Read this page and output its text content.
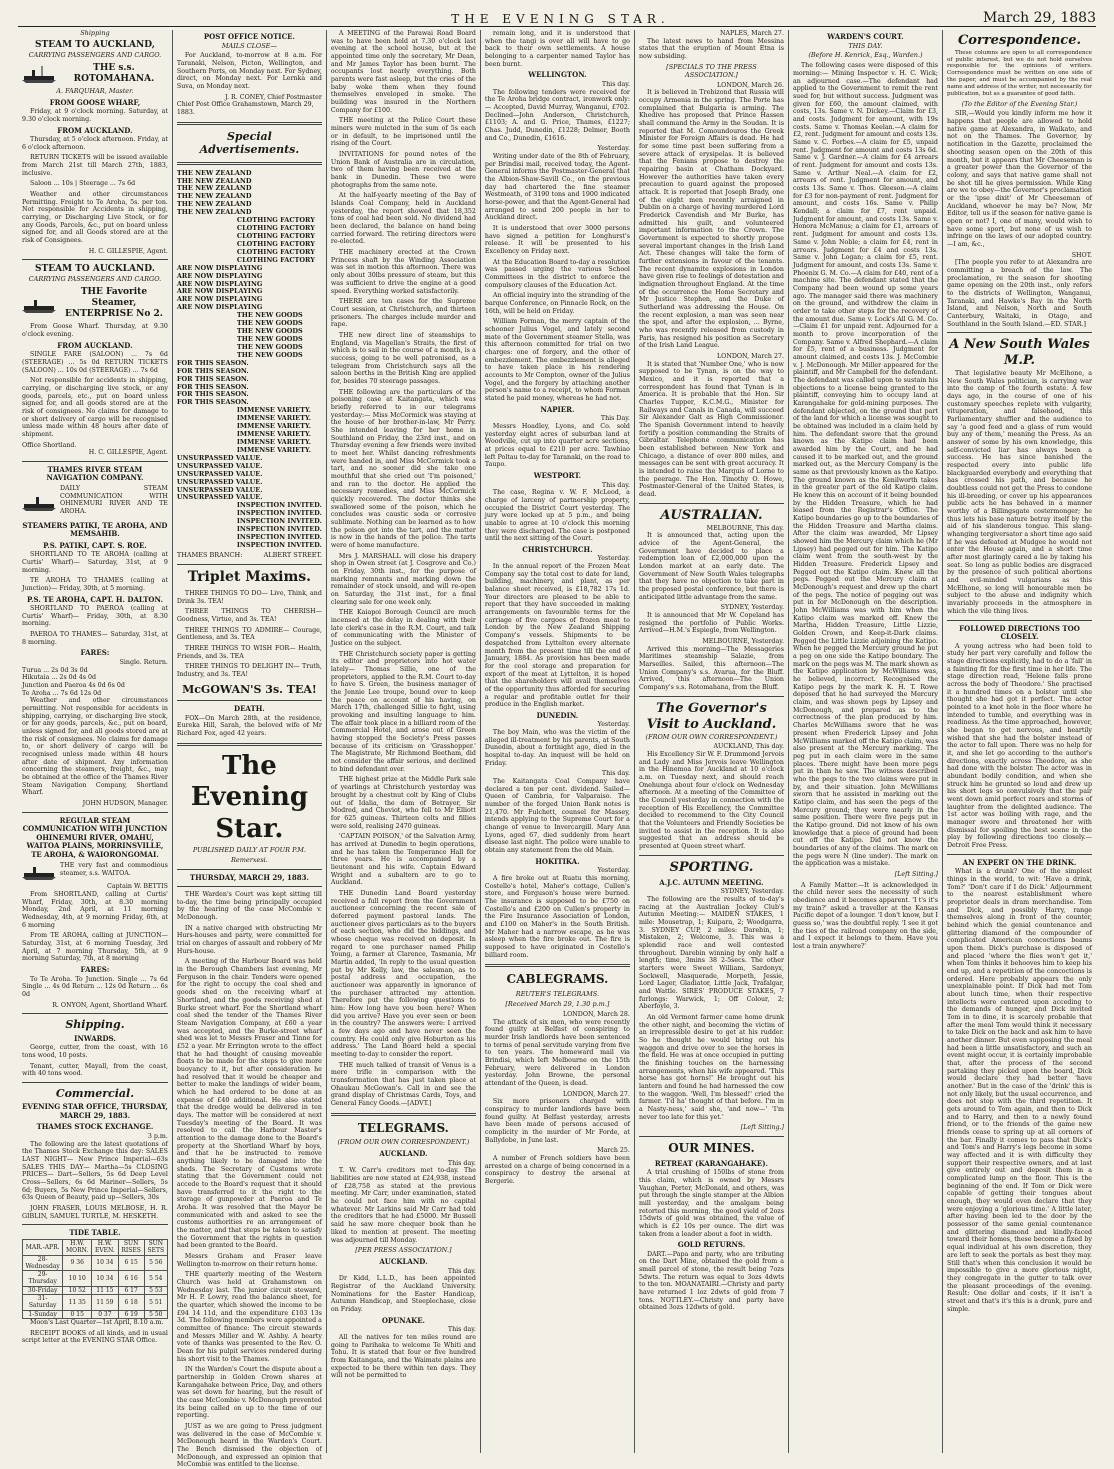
THE EVENING STAR.	March 29, 1883
Shipping
STEAM TO AUCKLAND,
CARRYING PASSENGERS AND CARGO.
THE s.s. ROTOMAHANA.
A. FARQUHAR, Master.
FROM GOOSE WHARF,

Friday, at 9 o'clock morning. Saturday, at 9.30 o'clock morning.

FROM AUCKLAND.

Thursday, at 5 o'clock afternoon. Friday, at 6 o'clock afternoon.

RETURN TICKETS will be issued available from March 21st till March 27th, 1883, inclusive.

Saloon ... 10s | Steerage ... 7s 6d

Weather and other circumstances Permitting. Freight to Te Aroha, 5s. per ton. Not responsible for Accidents in shipping, carrying, or Discharging Live Stock, or for any Goods, Parcels, &c., put on board unless signed for, and all Goods stored are at the risk of Consignees.

H. C. GILLESPIE, Agent.
STEAM TO AUCKLAND.
CARRYING PASSENGERS AND CARGO.
THE Favorite Steamer, ENTERPRISE No 2.

From Goose Wharf. Thursday, at 9.30 o'clock evening.

FROM AUCKLAND.

SINGLE FARE (SALOON) ... 7s 6d (STEERAGE) ... 5s 0d RETURN TICKETS (SALOON) ... 10s 0d (STEERAGE) ... 7s 6d

Not responsible for accidents in shipping, carrying, or discharging live stock, or any goods, parcels, etc., put on board unless signed for, and all goods stored are at the risk of consignees. No claims for damage to or short delivery of cargo will be recognised unless made within 48 hours after date of shipment.

Office Shortland.
H. C. GILLESPIE, Agent.
THAMES RIVER STEAM NAVIGATION COMPANY.

DAILY STEAM COMMUNICATION WITH OHINEMURI RIVER AND TE AROHA.

STEAMERS PATIKI, TE AROHA, AND MEMSAHIB.
P.S. PATIKI, CAPT. S. ROE.

SHORTLAND TO TE AROHA (calling at Curtis' Wharf)— Saturday, 31st, at 9 morning.

TE AROHA TO THAMES (calling at Junction)— Friday, 30th, at 5 morning.

P.S. TE AROHA, CAPT. H. DALTON.

SHORTLAND TO PAEROA (calling at Curtis' Wharf)— Friday, 30th, at 8.30 morning.

PAEROA TO THAMES— Saturday, 31st, at 8 morning.

FARES:
Single. Return.
Turua ... 2s 0d 3s 0d
Hikutaia ... 2s 0d 4s 0d
Junction and Paeroa 4s 0d 6s 0d
Te Aroha ... 7s 6d 12s 0d

Weather and other circumstances permitting. Not responsible for accidents in shipping, carrying, or discharging live stock, or for any goods, parcels, &c., put on board, unless signed for, and all goods stored are at the risk of consignees. No claims for damage to, or short delivery of cargo will be recognised unless made within 48 hours after date of shipment. Any information concerning the steamers, freight, &c., may be obtained at the office of the Thames River Steam Navigation Company, Shortland Wharf.

JOHN HUDSON, Manager.
REGULAR STEAM COMMUNICATION WITH JUNCTION OHINEMURI RIVER, OMAHU, WAITOA PLAINS, MORRINSVILLE, TE AROHA, & WAIORONGOMAI.

THE very fast and commodious steamer, s.s. WAITOA.

Captain W. BETTIS

From SHORTLAND, calling at Curtis' Wharf, Friday, 30th, at 8.30 morning Monday, 2nd April, at 11 morning Wednesday, 4th, at 9 morning Friday, 6th, at 6 morning

From TE AROHA, calling at JUNCTION— Saturday, 31st, at 6 morning Tuesday, 3rd April, at 7 morning Thursday, 5th, at 9 morning Saturday, 7th, at 8 morning

FARES:

To Te Aroha. To Junction. Single ... 7s 6d Single ... 4s 0d Return ... 12s 0d Return ... 6s 0d

R. ONYON, Agent, Shortland Wharf.
Shipping.
INWARDS.

George, cutter, from the coast, with 16 tons wood, 10 posts.

Tenant, cutter, Mayall, from the coast, with 40 tons wood.

Commercial.
EVENING STAR OFFICE, THURSDAY, MARCH 29, 1883.
THAMES STOCK EXCHANGE.
3 p.m.

The following are the latest quotations of the Thames Stock Exchange this day: SALES LAST NIGHT— New Prince Imperial—63s SALES THIS DAY— Martha—5s CLOSING PRICES— Dart—Sellers, 5s 6d Deep Level Cross—Sellers, 6s 6d Mariner—Sellers, 5s 6d; Buyers, 5s New Prince Imperial—Sellers, 63s Queen of Beauty, paid up—Sellers, 30s

JOHN FRASER, LOUIS MELBOSE, H. R. GIBLIN, SAMUEL TURTLE, M. HESKETH.

TIDE TABLE.
MAR.-APR.	H.W. MORN.	H.W. EVEN.	SUN RISES	SUN SETS
28-Wednesday	9 36	10 34	6 15	5 56
29-Thursday	10 10	10 34	6 16	5 54
30-Friday	10 52	11 15	6 17	5 53
31-Saturday	11 35	11 59	6 18	5 51
1-Sunday	0 15	0 37	6 19	5 50

Moon's Last Quarter—1st April, 8.10 a.m.

RECEIPT BOOKS of all kinds, and in usual script letter at the EVENING STAR Office.

POST OFFICE NOTICE.
MAILS CLOSE—

For Auckland, to-morrow at 8 a.m. For Taranaki, Nelson, Picton, Wellington, and Southern Ports, on Monday next. For Sydney, direct, on Monday next. For Lernka and Suva, on Monday next.

J. R. CONEY, Chief Postmaster
Chief Post Office Grahamstown, March 29, 1883.
Special Advertisements.
THE NEW ZEALAND
THE NEW ZEALAND
THE NEW ZEALAND
THE NEW ZEALAND
THE NEW ZEALAND
THE NEW ZEALAND
CLOTHING FACTORY
CLOTHING FACTORY
CLOTHING FACTORY
CLOTHING FACTORY
CLOTHING FACTORY
CLOTHING FACTORY
ARE NOW DISPLAYING
ARE NOW DISPLAYING
ARE NOW DISPLAYING
ARE NOW DISPLAYING
ARE NOW DISPLAYING
ARE NOW DISPLAYING
THE NEW GOODS
THE NEW GOODS
THE NEW GOODS
THE NEW GOODS
THE NEW GOODS
THE NEW GOODS
FOR THIS SEASON.
FOR THIS SEASON.
FOR THIS SEASON.
FOR THIS SEASON.
FOR THIS SEASON.
FOR THIS SEASON.
IMMENSE VARIETY.
IMMENSE VARIETY.
IMMENSE VARIETY.
IMMENSE VARIETY.
IMMENSE VARIETY.
IMMENSE VARIETY.
UNSURPASSED VALUE.
UNSURPASSED VALUE.
UNSURPASSED VALUE.
UNSURPASSED VALUE.
UNSURPASSED VALUE.
UNSURPASSED VALUE.
INSPECTION INVITED.
INSPECTION INVITED.
INSPECTION INVITED.
INSPECTION INVITED.
INSPECTION INVITED.
INSPECTION INVITED.
THAMES BRANCH:	ALBERT STREET.
Triplet Maxims.

THREE THINGS TO DO— Live, Think, and Drink 3s. TEA!

THREE THINGS TO CHERISH— Goodness, Virtue, and 3s. TEA!

THREE THINGS TO ADMIRE— Courage, Gentleness, and 3s. TEA

THREE THINGS TO WISH FOR— Health, Friends, and 3s. TEA

THREE THINGS TO DELIGHT IN— Truth, Industry, and 3s. TEA!

McGOWAN'S 3s. TEA!
DEATH.

FOX—On March 28th, at the residence, Eureka Hill, Sarah, the beloved wife of Mr Richard Fox, aged 42 years.

The Evening Star.
PUBLISHED DAILY AT FOUR P.M.
Remerxesi.
THURSDAY, MARCH 29, 1883.

THE Warden's Court was kept sitting till to-day, the time being principally occupied by the hearing of the case McCombie v. McDonough.

IN a native charged with obstructing Mr Hurs-houses and party, were committed for trial on charges of assault and robbery of Mr Hurs-house.

A meeting of the Harbour Board was held in the Borough Chambers last evening, Mr Ferguson in the chair. Tenders were opened for the right to occupy the coal shed and goods shed on the receiving wharf at Shortland, and the goods receiving shed at Burke street wharf. For the Shortland wharf coal shed the tender of the Thames River Steam Navigation Company, at £60 a year was accepted, and the Burke-street wharf shed was let to Messrs Fraser and Tinne for £52 a year. Mr Errington wrote to the effect that he had thought of causing moveable floats to be made for the steps to give more buoyancy to it, but after consideration he had resolved that it would be cheaper and better to make the landings of wider beam, which he had ordered to be done at an expense of £40 additional. He also stated that the dredge would be delivered in ten days. The matter will be considered at next Tuesday's meeting of the Board. It was resolved to call the Harbour Master's attention to the damage done to the Board's property at the Shortland Wharf by boys, and that he be instructed to remove anything likely to be damaged into the sheds. The Secretary of Customs wrote stating that the Government could not accede to the Board's request that it should have transferred to it the right to the storage of gunpowder at Paeroa and Te Aroha. It was resolved that the Mayor be communicated with and asked to see the customs authorities re an arrangement of the matter, and that steps be taken to satisfy the Government that the rights in question had been granted to the Board.

Messrs Graham and Fraser leave Wellington to-morrow on their return home.

THE quarterly meeting of the Western Church was held at Grahamstown on Wednesday last. The junior circuit steward, Mr H. P. Lowry, read the balance sheet, for the quarter, which showed the income to be £94 14 11d, and the expenditure £103 13s 3d. The following members were appointed a committee of finance: The circuit stewards and Messrs Miller and W. Ashby. A hearty vote of thanks was presented to the Rev. O. Dean for his pulpit services rendered during his short visit to the Thames.

IN the Warden's Court the dispute about a partnership in Golden Crown shares at Karangahake between Price, Day, and others was set down for hearing, but the result of the case McCombie v. McDonough prevented its being called on up to the time of our reporting.

JUST as we are going to Press judgment was delivered in the case of McCombie v. McDonough heard in the Warden's Court. The Bench dismissed the objection of McDonough, and expressed an opinion that McCombie was entitled to the license.

A MEETING of the Parawai Road Board was to have been held at 7.30 o'clock last evening at the school house, but at the appointed time only the secretary, Mr Dean, and Mr James Taylor has been burnt. The occupants lost nearly everything. Both parents were fast asleep, but the cries of the baby woke them when they found themselves enveloped in smoke. The building was insured in the Northern Company for £100.

THE meeting at the Police Court these miners were mulcted in the sum of 5s each or in default, to be imprisoned until the rising of the Court.

INVITATIONS for pound notes of the Union Bank of Australia are in circulation, two of them having been received at the bank in Dunedin. These two were photographs from the same note.

At the half-yearly meeting of the Bay of Islands Coal Company, held in Auckland yesterday, the report showed that 18,352 tons of coal had been sold. No dividend had been declared, the balance on hand being carried forward. The retiring directors were re-elected.

THE machinery erected at the Crown Princess shaft by the Winding Association was set in motion this afternoon. There was only about 30lbs pressure of steam, but this was sufficient to drive the engine at a good speed. Everything worked satisfactorily.

THERE are ten cases for the Supreme Court session, at Christchurch, and thirteen prisoners. The charges include murder and rape.

THE new direct line of steamships to England, via Magellan's Straits, the first of which is to sail in the course of a month, is a success, going to be well patronised, as a telegram from Christchurch says all the saloon berths in the British King are applied for, besides 70 steerage passages.

THE following are the particulars of the poisoning case at Kaitangata, which was briefly referred to in our telegrams yesterday:— Miss McCormick was staying at the house of her brother-in-law, Mr Perry. She intended leaving for her home in Southland on Friday, the 23rd inst., and on Thursday evening a few friends were invited to meet her. Whilst dancing refreshments were handed in, and Miss McCormick took a tart, and no sooner did she take one mouthful that she cried out 'I'm poisoned,' and ran to the doctor. He applied the necessary remedies, and Miss McCormick quickly recovered. The doctor thinks she swallowed some of the poison, which he concludes was caustic soda or corrosive sublimate. Nothing can be learned as to how the poison got into the tart, and the matter is now in the hands of the police. The tarts were of home manufacture.

Mrs J. MARSHALL will close his drapery shop in Owen street (at J. Cosgrove and Co.) on Friday, 30th inst., for the purpose of marking remnants and marking down the remainder of stock unsold, and will re-open on Saturday, the 31st inst., for a final clearing sale for one week only.

THE Kaiapoi Borough Council are much incensed at the delay in dealing with their late clerk's case in the R.M. Court, and talk of communicating with the Minister of Justice on the subject.

THE Christchurch society paper is getting its editor and proprietors into hot water lately— Thomas Sillie, one of the proprietors, applied to the R.M. Court to-day to have S. Green, the business manager of the Jennie Lee troupe, bound over to keep the peace on account of his having, on March 17th, challenged Sillie to fight, using provoking and insulting language to him. The affair took place in a billiard room of the Commercial Hotel, and arose out of Green having stopped the Society's Press passes because of its criticism on 'Grasshopper.' The Magistrate, Mr Richmond Beetham, did not consider the affair serious, and declined to bind defendant over.

THE highest prize at the Middle Park sale of yearlings at Christchurch yesterday was brought by a chestnut colt by King of Clubs out of Idalia, the dam of Betrayer, Sir Modred, and Cheviot, who fell to Mr Elliott for 625 guineas. Thirteen colts and fillies were sold, realising 2470 guineas.

'CAPTAIN POISON,' of the Salvation Army, has arrived at Dunedin to begin operations, and he has taken the Temperance Hall for three years. He is accompanied by a lieutenant and his wife. Captain Edward Wright and a subaltern are to go to Auckland.

THE Dunedin Land Board yesterday received a full report from the Government auctioneer concerning the recent sale of deferred payment pastoral lands. The auctioneer gives particulars as to the buyers of each section, who did the biddings, and whose cheque was received on deposit. In regard to one purchaser named Philip Young, a farmer at Clarence, Tasmania, Mr Martin added, 'In reply to the usual question put by Mr Kelly, law, the salesman, as to postal address and occupation, the auctioneer was apparently in ignorance of the purchaser attracted my attention. Therefore put the following questions to him: How long have you been here? When did you arrive? Have you ever seen or been in the country? The answers were: I arrived a few days ago and have never seen the country. He could only give Hoburton as his address.' The Land Board held a special meeting to-day to consider the report.

THE much talked of transit of Venus is a mere trifle in comparison with the transformation that has just taken place at Ohaukau McGowan's. Call in and see the grand display of Christmas Cards, Toys, and General Fancy Goods.—[ADVT.]

TELEGRAMS.
(FROM OUR OWN CORRESPONDENT.)
AUCKLAND.
This day.

T. W. Carr's creditors met to-day. The liabilities are now stated at £24,938, instead of £28,758 as stated at the previous meeting. Mr Carr, under examination, stated he could not face him with no capital whatever. Mr Larkins said Mr Carr had told the creditors that he had £5000. Mr Bussell said he saw more chequer book than he liked to mention at present. The meeting was adjourned till Monday.

[PER PRESS ASSOCIATION.]
AUCKLAND.
This day.

Dr Kidd, L.L.D., has been appointed Registrar of the Auckland University. Nominations for the Easter Handicap, Autumn Handicap, and Steeplechase, close on Friday.

OPUNAKE.
This day.

All the natives for ten miles round are going to Parihaka to welcome Te Whiti and Tohu. It is stated that four or five hundred from Kaitangata, and the Waimate plains are expected to be there within ten days. They will not be permitted to

remain long, and it is understood that when the tangi is over all will have to go back to their own settlements. A house belonging to a carpenter named Taylor has been burnt.

WELLINGTON.
This day.

The following tenders were received for the Te Aroha bridge contract, ironwork only:— Accepted, David Murray, Wanganui, £702. Declined—John Anderson, Christchurch, £1103; A. and G. Price, Thames, £1227; Chas. Judd, Dunedin, £1228; Delmer, Booth and Co., Dunedin, £1616.

Yesterday.

Writing under date of the 8th of February, per Brindisi mail, received today, the Agent-General informs the Postmaster-General that the Albion-Shaw-Savill Co., on the previous day had chartered the fine steamer Westmeath, of 3190 tons and 1900 indicated horse-power, and that the Agent-General had arranged to send 200 people in her to Auckland direct.

It is understood that over 3000 persons have signed a petition for Longhurst's release. It will be presented to his Excellency on Friday next.

At the Education Board to-day a resolution was passed urging the various School Committees in the district to enforce the compulsory clauses of the Education Act.

An official inquiry into the stranding of the barque Conference, on Pinnacle Rock, on the 16th, will be held on Friday.

William Forman, the merry captain of the schooner Julius Vogel, and lately second mate of the Government steamer Stella, was this afternoon committed for trial on two charges: one of forgery, and the other of embezzlement. The embezzlement is alleged to have taken place in his rendering accounts to Mr Compton, owner of the Julius Vogel, and the forgery by attaching another person's name to a receipt, to whom Forman stated he paid money, whereas he had not.

NAPIER.
This Day.

Messrs Hoadley, Lyons, and Co. sold yesterday eight acres of suburban land at Woodville, cut up into quarter acre sections, at prices equal to £210 per acre. Tawhiao left Poltau to-day for Taranaki, on the road to Taupo.

WESTPORT.
This day.

The case, Regina v. W. F. McLeod, a charge of larceny of partnership property, occupied the District Court yesterday. The jury were locked up at 5 p.m., and being unable to agree at 10 o'clock this morning they were discharged. The case is postponed until the next sitting of the Court.

CHRISTCHURCH.
Yesterday.

In the annual report of the Frozen Meat Company say the total cost to date for land, building, machinery, and plant, as per balance sheet received, is £18,782 17s 1d. Your directors are pleased to be able to report that they have succeeded in making arrangements on favourable terms for the carriage of five cargoes of frozen meat to London by the New Zealand Shipping Company's vessels. Shipments to be despatched from Lyttelton every alternate month from the present time till the end of January, 1884. As provision has been made for the cool storage and preparation for export of the meat at Lyttelton, it is hoped that the shareholders will avail themselves of the opportunity thus afforded for securing a regular and profitable outlet for their produce in the English market.

DUNEDIN.
Yesterday.

The boy Main, who was the victim of the alleged ill-treatment by his parents, at South Dunedin, about a fortnight ago, died in the hospital to-day. An inquest will be held on Friday.

This day.

The Kaitangata Coal Company have declared a ten per cent. dividend. Sailed—Queen of Cambria, for Valparaiso. The number of the forged Union Bank notes is 21,470. Mr Fulchett, counsel for Massey, intends applying to the Supreme Court for a change of venue to Invercargill. Mary Ann Lyons, aged 67, died suddenly from heart disease last night. The police were unable to obtain any statement from the old Main.

HOKITIKA.
Yesterday.

A fire broke out at Ruatu this morning, Costello's hotel, Maher's cottage, Cullen's store, and Ferguson's house were burned. The insurance is supposed to be £750 on Costello's and £200 on Cullen's property in the Fire Insurance Association of London, and £100 on Maher's in the South British. Mr Maher had a narrow escape, as he was asleep when the fire broke out. The fire is supposed to have originated in Costello's billiard room.

CABLEGRAMS.
REUTER'S TELEGRAMS.
[Received March 29, 1.30 p.m.]
LONDON, March 28.

The attack of six men, who were recently found guilty at Belfast of conspiring to murder Irish landlords have been sentenced to terms of penal servitude varying from five to ten years. The homeward mail via Brindisi, which left Melbourne on the 15th February, were delivered in London yesterday. John Browne, the personal attendant of the Queen, is dead.

LONDON, March 27.

Six more prisoners charged with conspiracy to murder landlords have been found guilty. At Belfast yesterday, arrests have been made of persons accused of complicity in the murder of Mr Forde, at Ballydobe, in June last.

March 25.

A number of French soldiers have been arrested on a charge of being concerned in a conspiracy to destroy the arsenal at Bergerie.

NAPLES, March 27.

The latest news to hand from Messina states that the eruption of Mount Etna is now subsiding.

[SPECIALS TO THE PRESS ASSOCIATION.]
LONDON, March 26.

It is believed in Trebizond that Russia will occupy Armenia in the spring. The Porte has complained that Bulgaria is arming. The Khedive has proposed that Prince Hassen shall command the Army in the Soudan. It is reported that M. Comoundouros the Greek Minister for Foreign Affairs is dead. He had for some time past been suffering from a severe attack of erysipelas. It is believed that the Fenians propose to destroy the repairing basin at Chatham Dockyard. However the authorities have taken every precaution to guard against the proposed attack. It is reported that Joseph Brady, one of the eight men recently arraigned in Dublin on a charge of having murdered Lord Frederick Cavendish and Mr Burke, has admitted his guilt, and volunteered important information to the Crown. The Government is expected to shortly propose several important changes in the Irish Land Act. These changes will take the form of further extensions in favour of the tenants. The recent dynamite explosions in London have given rise to feelings of detestation and indignation throughout England. At the time of the occurrence the Home Secretary and Mr Justice Stephen, and the Duke of Sutherland was addressing the House. On the recent explosion, a man was seen near the spot, and after the explosion, ... Byrne, who was recently released from custody in Paris, has resigned his position as Secretary of the Irish Land League.

LONDON, March 27.

It is stated that 'Number One,' who is now supposed to be Tynan, is on the way to Mexico, and it is reported that a correspondent has found that Tynan is in America. It is probable that the Hon. Sir Charles Tupper, K.C.M.G., Minister for Railways and Canals in Canada, will succeed Sir Alexander Galt as High Commissioner. The Spanish Government intend to heavily fortify a position commanding the Straits of Gibraltar. Telephone communication has been established between New York and Chicago, a distance of over 800 miles, and messages can be sent with great accuracy. It is intended to raise the Marquis of Lorne to the peerage. The Hon. Timothy O. Howe, Postmaster-General of the United States, is dead.

AUSTRALIAN.
MELBOURNE, This day.

It is announced that, acting upon the advice of the Agent-General, the Government have decided to place a redemption loan of £2,000,000 upon the London market at an early date. The Government of New South Wales telegraphs that they have no objection to take part in the proposed postal conference, but there is anticipated little advantage from the same.

SYDNEY, Yesterday.

It is announced that Mr W. Copeland has resigned the portfolio of Public Works. Arrived—H.M.'s Espiegle, from Wellington.

MELBOURNE, Yesterday.

Arrived this morning—The Messageries Maritimes steamship Salazie, from Marseilles. Sailed, this afternoon—The Union Company's s.s. Avarua, for the Bluff. Arrived, this afternoon—The Union Company's s.s. Rotomahana, from the Bluff.

The Governor's Visit to Auckland.
(FROM OUR OWN CORRESPONDENT.)
AUCKLAND, This day.

His Excellency Sir W. F. Drummond Jervois and Lady and Miss Jervois leave Wellington in the Hinemoa for Auckland at 10 o'clock a.m. on Tuesday next, and should reach Onehunga about four o'clock on Wednesday afternoon. At a meeting of the Committee of the Council yesterday in connection with the reception of His Excellency, the Committee decided to recommend to the City Council that the Volunteers and Friendly Societies be invited to assist in the reception. It is also suggested that an address should be presented at Queen street wharf.

SPORTING.
A.J.C. AUTUMN MEETING.
SYDNEY, Yesterday.

The following are the results of to-day's racing at the Australian Jockey Club's Autumn Meeting:— MAIDEN STAKES, 1 mile: Mousetrap, 1; Kuipara, 2; Woodgarra, 3. SYDNEY CUP, 2 miles: Darebin, 1; Mistaken, 2; Welcome, 3. This was a splendid race and well contested throughout. Darebin winning by only half a length; time, 3mins 38 2-5secs. The other starters were Sweet William, Sardonyx, Sockwell, Masquerade, Morpeth, Jessie, Lord Lager, Gladiator, Little Jack, Trafalgar, and Wattle. SIRES' PRODUCE STAKES, 7 furlongs: Warwick, 1; Off Colour, 2; Aberfoyle, 3.

An old Vermont farmer came home drunk the other night, and becoming the victim of an irrepressible desire to get at his rudder. So he thought he would bring out his waggon and drive over to see the horses in the field. He was at once occupied in putting the finishing touches on the harnessing arrangements, when his wife appeared. 'This horse has got horns!' He brought out his lantern and found he had harnessed the cow to the waggon. 'Well, I'm blessed!' cried the farmer. 'I'd ha' thought of that before. I'm in a Nasty-ness,' said she, 'and now—' 'I'm never too late for this yet.'

[Left Sitting.]
OUR MINES.
RETREAT (KARANGAHAKE).

A trial crushing of 150lbs of stone from this claim, which is owned by Messrs Vaughan, Porter, McDonald, and others, was put through the single stamper at the Albion mill yesterday, and the amalgam being retorted this morning, the good yield of 2ozs 15dwts of gold was obtained, the value of which is £2 10s per ounce. The dirt was taken from a leader about a foot in width.

GOLD RETURNS.

DART.—Papa and party, who are tributing on the Dart Mine, obtained the gold from a small parcel of stone, the result being 7ozs 5dwts. The return was equal to 3ozs 4dwts to the ton. MOANATAIRI.—Christy and party have returned 1 loz 2dwts of gold from 7 tons. NOTTLEY.—Christy and party have obtained 3ozs 12dwts of gold.

WARDEN'S COURT.
THIS DAY.
(Before H. Kenrick, Esq., Warden.)

The following cases were disposed of this morning:— Mining Inspector v. H. C. Wick; an adjourned case.—The defendant had applied to the Government to remit the rent sued for, but without success. Judgment was given for £60, the amount claimed, with costs, 13s. Same v. N. Dickey.—Claim for £3, and costs. Judgment for amount, with 19s costs. Same v. Thomas Keelan.—A claim for £2, rent. Judgment for amount and costs 13s. Same v. C. Forbes.—A claim for £5, unpaid rent. Judgment for amount and costs 13s 6d. Same v. J. Gardner.—A claim for £4 arrears of rent. Judgment for amount and costs 13s. Same v. Arthur Neal.—A claim for £2, arrears of rent. Judgment for amount, and costs 13s. Same v. Thos. Gleeson.—A claim for £3 for non-payment of rent. Judgment for amount, and costs 16s. Same v. Philip Kendall; a claim for £7, rent unpaid. Judgment for amount, and costs 13s. Same v. Honora McManus; a claim for £1, arrears of rent. Judgment for amount and costs 13s. Same v. John Noble; a claim for £4, rent in arrears. Judgment for £4 and costs 13s. Same v. John Logan; a claim for £5, rent. Judgment for amount, and costs 13s. Same v. Phoenix G. M. Co.—A claim for £40, rent of a machine site. The defendant stated that the Company had been wound up some years ago. The manager said there was machinery on the ground, and withdrew the claim in order to take other steps for the recovery of the amount due. Same v. Lock's All G. M. Co.—Claim £1 for unpaid rent. Adjourned for a month to prove incorporation of the Company. Same v. Alfred Shephard.—A claim for £5, rent of a business. Judgment for amount claimed, and costs 13s. J. McCombie v. J. McDonough. Mr Miller appeared for the plaintiff, and Mr Campbell for the defendant. The defendant was called upon to sustain his objections to a license being granted to the plaintiff, conveying him to occupy land at Karangahake for gold-mining purposes. The defendant objected, on the ground that part of the land for which a license was sought to be obtained was included in a claim held by him. The defendant swore that the ground known as the Katipo claim had been awarded him by the Court, and he had caused it to be marked out, and the ground marked out, as the Mercury Company is the same as that previously known as the Katipo. The ground known as the Kenilworth takes in the greater part of the old Katipo claim. He knew this on account of it being bounded by the Hidden Treasure, which he had leased from the Registrar's Office. The Katipo boundaries go up to the boundaries of the Hidden Treasure and Martha claims. After the claim was awarded, Mr Lipsey showed him the Mercury claim which he (Mr Lipsey) had pegged out for him. The Katipo claim went from the south-west by the Hidden Treasure. Frederick Lipsey and Pegged out the Katipo claim. Knew all the pegs. Pegged out the Mercury claim at McDonough's request and drew up the chart of the pegs. The notice of pegging out was put in for McDonough on the description. John McWilliams was with him when the Katipo claim was marked off. Knew the Martha, Hidden Treasure, Little Lizzie, Golden Crown, and Keep-it-Dark claims. Pegged the Little Lizzie adjoining the Katipo. When he pegged the Mercury ground he put a peg on one side the Katipo boundary. The mark on the pegs was M. The mark shown as the Katipo application by McWilliams was, he believed, incorrect. Recognised the Katipo pegs by the mark K. H. T. Rowe deposed that he had surveyed the Mercury claim, and was shown pegs by Lipsey and McDonough, and prepared as to the correctness of the plan produced by him. Charles McWilliams swore that he was present when Frederick Lipsey and John McWilliams marked off the Katipo claim, was also present at the Mercury marking. The peg put in each claim were in the same places. There might have been more pegs put in than he saw. The witness described who the pegs to the two claims were put in by, and their situation. John McWilliams sworn that he assisted in marking out the Katipo claim, and has seen the pegs of the Mercury ground; they were nearly in the same position. There were five pegs put in the Katipo ground. Did not know of his own knowledge that a piece of ground had been cut off the Katipo. Did not know the boundaries of any of the claims. The mark on the pegs were N (line under). The mark on the application was a mistake.

[Left Sitting.]

A Family Matter.—It is acknowledged in the child never sees the necessity of such obedience and it becomes apparent. 'I t's it's my train?' asked a traveller at the Kansas Pacific depot of a lounger. 'I don't know, but I guess so,' was the doubtful reply. 'I see it got the ties of the railroad company on the side, and I expect it belongs to them. Have you lost a train anywhere?'

Correspondence.

These columns are open to all correspondence of public interest, but we do not hold ourselves responsible for the opinions of writers. Correspondence must be written on one side of the paper, and must be accompanied by the real name and address of the writer, not necessarily for publication, but as a guarantee of good faith.

(To the Editor of the Evening Star.)

SIR,—Would you kindly inform me how it happens that people are allowed to hold native game at Alexandra, in Waikato, and not on the Thames. The Governor, by notification in the Gazette, proclaimed the shooting season open on the 20th of this month, but it appears that Mr Cheeseman is a greater power than the Governor of the colony, and says that native game shall not be shot till he gives permission. While King are we to obey—the Governor's proclamation or the 'ipse dixit' of Mr Cheeseman of Auckland, whoever he may be? Now, Mr Editor, tell us if the season for native game is open or not? I, one of many, would wish to have some sport, but none of us wish to infringe on the laws of our adopted country.—I am, &c.,

SHOT.

[The people you refer to at Alexandra are committing a breach of the law. The proclamation, re the season for shooting game opening on the 20th inst., only refers to the districts of Wellington, Wanganui, Taranaki, and Hawke's Bay in the North Island, and Nelson, North and South Canterbury, Waitaki, in Otago, and Southland in the South Island.—ED. STAR.]

A New South Wales M.P.

That legislative beauty Mr McElhone, a New South Wales politician, is carrying war into the camp of the fourth estate. A few days ago, in the course of one of his customary speeches replete with vulgarity, vituperation, and falsehood, this Parliamentary shuffler and the audience to say 'a good feed and a glass of rum would buy any of them,' meaning the Press. As an answer of some by his own knowledge, this self-convicted liar has always been a success. He has since banished the respected every into public life blackguarded everybody and everything that has crossed his path, and because he doubtless could not get the Press to condone his ill-breeding, or cover up his appearances public acts he has behaved in a manner worthy of a Billingsgate costermonger; he thus lets his base nature betray itself by the aid of his slanderous tongue. This slang-whanging tergiversator a short time ago said if he was defeated at Mudgee he would not enter the House again, and a short time after most glaringly cared a lie by taking his seat. So long as public bodies are disgraced by the presence of such political abortions and evil-minded vulgarians as this McElhone, so long will honourable men be subject to the abuse and indignity which invariably proceeds in the atmosphere in which the vile thing lives.

FOLLOWED DIRECTIONS TOO CLOSELY.

A young actress who had been told to study her part very carefully and follow the stage directions explicitly, had to do a 'fall' in a fainting fit for the first time in her life. The stage direction read, 'Helene falls prone across the body of Theodore.' She practised it a hundred times on a bolster until she thought she had got it perfect. The actor pointed to a knot hole in the floor where he intended to tumble, and everything was in readiness. As the time approached, however, she began to get nervous, and heartily wished that she had the bolster instead of the actor to fall upon. There was no help for it, and she let go according to the author's directions, exactly across Theodore, as she had done with the bolster. The actor was in abundant bodily condition, and when she struck him he grunted so loud and drew up his short legs so convulsively that the pair went down amid perfect roars and storms of laughter from the delighted audience. The 1st actor was boiling with rage, and the manager swore and threatened her with dismissal for spoiling the best scene in the play by following directions too closely.—Detroit Free Press.

AN EXPERT ON THE DRINK.

What is a drunk? One of the simplest things in the world, to wit: 'Have a drink, Tom?' 'Don't care if I do Dick.' Adjournment to the nearest establishment where proprietor deals in dram merchandise. Tom and Dick, and possibly Harry, range themselves along in front of the counter, behind which the genial countenance and glittering diamond of the compounder of complicated American concoctions beams upon them. Dick's purchase is disposed of and placed 'where the flies won't get it,' when Tom thinks it behooves him to keep his end up, and a repetition of the concoctions is ordered. Here probably appears the only unexplainable point. If Dick had met Tom about lunch time, when their respective intellects were centered upon acceding to the demands of hunger, and Dick invited Tom in to dine, it is scarcely probable that after the meal Tom would think it necessary to take Dick on the back and ask him to have another dinner. But even supposing the meal had been a little unsatisfactory, and such an event might occur, it is certainly improbable that, after the process of the second partaking they picked upon the board, Dick would declare they had better 'have another.' But in the case of the 'drink' this is not only likely, but the usual occurrence, and does not stop with the third repetition. It gets around to Tom again, and then to Dick and to Harry, and then to a newly found friend, or to the friends of the game new friends cease to spring up at all corners of the bar. Finally it comes to pass that Dick's and Tom's and Harry's legs become in some way affected and it is with difficulty they support their respective owners, and at last give entirely out and deposit them in a complicated lump on the floor. This is the beginning of the end. If Tom or Dick were capable of getting their tongues about enough, they would even declare that they were enjoying a 'glorious time.' A little later, after having been led to the door by the possessor of the same genial countenance and glittering diamond and kindly-faced toward their homes, these become a fixed by equal individual at his own discretion, they are left to seek the portals as best they may. Still that's when this conclusion it would be impossible to give a more glorious night, they congregate in the gutter to talk over the pleasant proceedings of the evening. Result: One dollar and costs, if it isn't a street and that's it's this is a drunk, pure and simple.
